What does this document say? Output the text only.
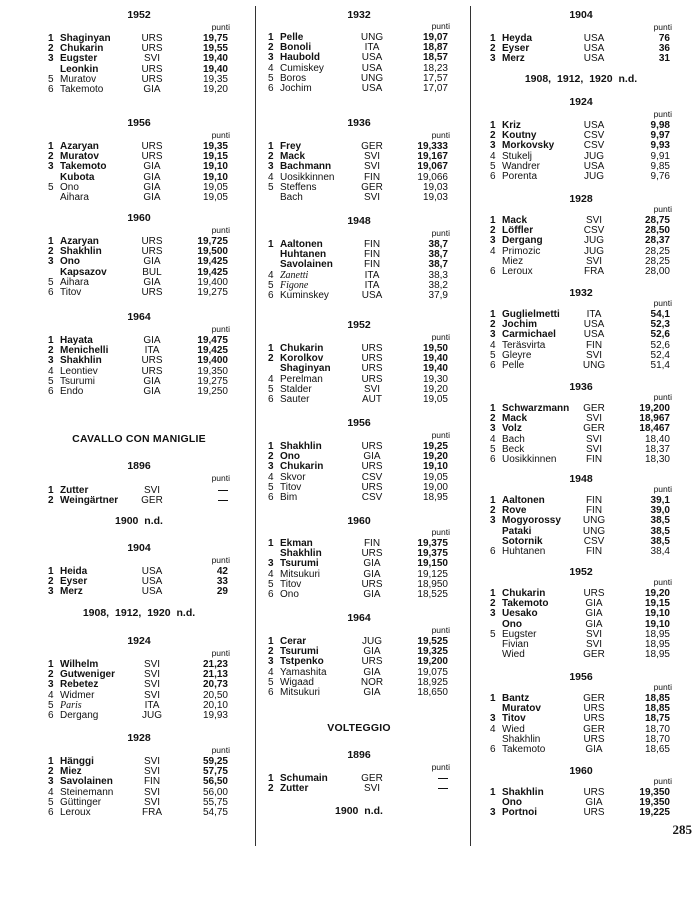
1952
punti
1 Shaginyan	URS	19,75
2 Chukarin	URS	19,55
3 Eugster	SVI	19,40
Leonkin	URS	19,40
5 Muratov	URS	19,35
6 Takemoto	GIA	19,20
1956
punti
1 Azaryan	URS	19,35
2 Muratov	URS	19,15
3 Takemoto	GIA	19,10
Kubota	GIA	19,10
5 Ono	GIA	19,05
Aihara	GIA	19,05
1960
punti
1 Azaryan	URS	19,725
2 Shakhlin	URS	19,500
3 Ono	GIA	19,425
Kapsazov	BUL	19,425
5 Aihara	GIA	19,400
6 Titov	URS	19,275
1964
punti
1 Hayata	GIA	19,475
2 Menichelli	ITA	19,425
3 Shakhlin	URS	19,400
4 Leontiev	URS	19,350
5 Tsurumi	GIA	19,275
6 Endo	GIA	19,250
CAVALLO CON MANIGLIE
1896
punti
1 Zutter	SVI	—
2 Weingärtner	GER	—
1900 n.d.
1904
punti
1 Heida	USA	42
2 Eyser	USA	33
3 Merz	USA	29
1908, 1912, 1920 n.d.
1924
punti
1 Wilhelm	SVI	21,23
2 Gutweniger	SVI	21,13
3 Rebetez	SVI	20,73
4 Widmer	SVI	20,50
5 Paris	ITA	20,10
6 Dergang	JUG	19,93
1928
punti
1 Hänggi	SVI	59,25
2 Miez	SVI	57,75
3 Savolainen	FIN	56,50
4 Steinemann	SVI	56,00
5 Güttinger	SVI	55,75
6 Leroux	FRA	54,75
1932
punti
1 Pelle	UNG	19,07
2 Bonoli	ITA	18,87
3 Haubold	USA	18,57
4 Cumiskey	USA	18,23
5 Boros	UNG	17,57
6 Jochim	USA	17,07
1936
punti
1 Frey	GER	19,333
2 Mack	SVI	19,167
3 Bachmann	SVI	19,067
4 Uosikkinnen	FIN	19,066
5 Steffens	GER	19,03
Bach	SVI	19,03
1948
punti
1 Aaltonen	FIN	38,7
Huhtanen	FIN	38,7
Savolainen	FIN	38,7
4 Zanetti	ITA	38,3
5 Figone	ITA	38,2
6 Kuminskey	USA	37,9
1952
punti
1 Chukarin	URS	19,50
2 Korolkov	URS	19,40
Shaginyan	URS	19,40
4 Perelman	URS	19,30
5 Stalder	SVI	19,20
6 Sauter	AUT	19,05
1956
punti
1 Shakhlin	URS	19,25
2 Ono	GIA	19,20
3 Chukarin	URS	19,10
4 Skvor	CSV	19,05
5 Titov	URS	19,00
6 Bim	CSV	18,95
1960
punti
1 Ekman	FIN	19,375
Shakhlin	URS	19,375
3 Tsurumi	GIA	19,150
4 Mitsukuri	GIA	19,125
5 Titov	URS	18,950
6 Ono	GIA	18,525
1964
punti
1 Cerar	JUG	19,525
2 Tsurumi	GIA	19,325
3 Tstpenko	URS	19,200
4 Yamashita	GIA	19,075
5 Wigaad	NOR	18,925
6 Mitsukuri	GIA	18,650
VOLTEGGIO
1896
punti
1 Schumain	GER	—
2 Zutter	SVI	—
1900 n.d.
1904
punti
1 Heyda	USA	76
2 Eyser	USA	36
3 Merz	USA	31
1908, 1912, 1920 n.d.
1924
punti
1 Kriz	USA	9,98
2 Koutny	CSV	9,97
3 Morkovsky	CSV	9,93
4 Stukelj	JUG	9,91
5 Wandrer	USA	9,85
6 Porenta	JUG	9,76
1928
punti
1 Mack	SVI	28,75
2 Löffler	CSV	28,50
3 Dergang	JUG	28,37
4 Primozic	JUG	28,25
Miez	SVI	28,25
6 Leroux	FRA	28,00
1932
punti
1 Guglielmetti	ITA	54,1
2 Jochim	USA	52,3
3 Carmichael	USA	52,6
4 Teräsvirta	FIN	52,6
5 Gleyre	SVI	52,4
6 Pelle	UNG	51,4
1936
punti
1 Schwarzmann	GER	19,200
2 Mack	SVI	18,967
3 Volz	GER	18,467
4 Bach	SVI	18,40
5 Beck	SVI	18,37
6 Uosikkinnen	FIN	18,30
1948
punti
1 Aaltonen	FIN	39,1
2 Rove	FIN	39,0
3 Mogyorossy	UNG	38,5
Pataki	UNG	38,5
Sotornik	CSV	38,5
6 Huhtanen	FIN	38,4
1952
punti
1 Chukarin	URS	19,20
2 Takemoto	GIA	19,15
3 Uesako	GIA	19,10
Ono	GIA	19,10
5 Eugster	SVI	18,95
Fivian	SVI	18,95
Wied	GER	18,95
1956
punti
1 Bantz	GER	18,85
Muratov	URS	18,85
3 Titov	URS	18,75
4 Wied	GER	18,70
Shakhlin	URS	18,70
6 Takemoto	GIA	18,65
1960
punti
1 Shakhlin	URS	19,350
Ono	GIA	19,350
3 Portnoi	URS	19,225
285
